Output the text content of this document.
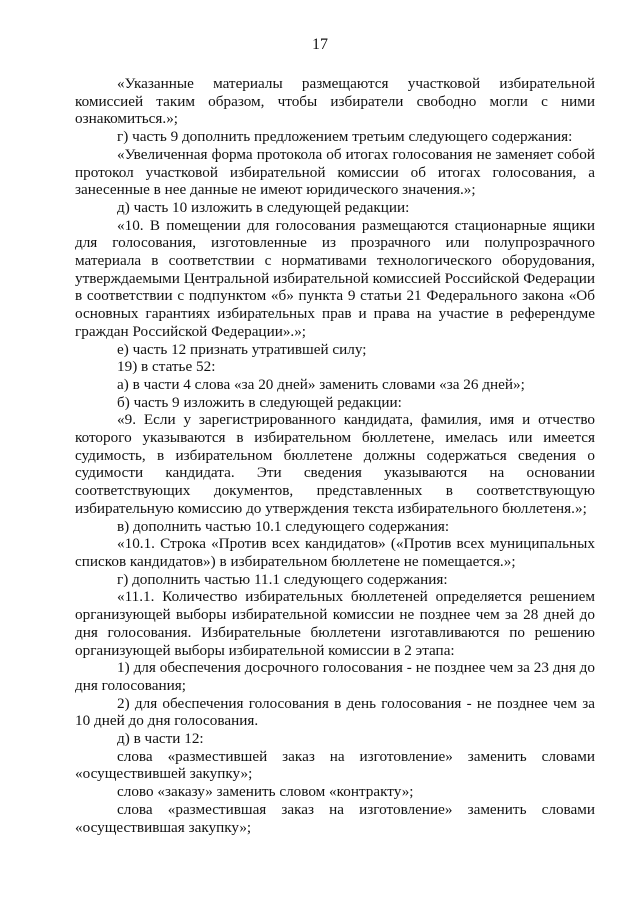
17

«Указанные материалы размещаются участковой избирательной комиссией таким образом, чтобы избиратели свободно могли с ними ознакомиться.»;

г) часть 9 дополнить предложением третьим следующего содержания:

«Увеличенная форма протокола об итогах голосования не заменяет собой протокол участковой избирательной комиссии об итогах голосования, а занесенные в нее данные не имеют юридического значения.»;

д) часть 10 изложить в следующей редакции:

«10. В помещении для голосования размещаются стационарные ящики для голосования, изготовленные из прозрачного или полупрозрачного материала в соответствии с нормативами технологического оборудования, утверждаемыми Центральной избирательной комиссией Российской Федерации в соответствии с подпунктом «б» пункта 9 статьи 21 Федерального закона «Об основных гарантиях избирательных прав и права на участие в референдуме граждан Российской Федерации».»;

е) часть 12 признать утратившей силу;

19) в статье 52:

а) в части 4 слова «за 20 дней» заменить словами «за 26 дней»;

б) часть 9 изложить в следующей редакции:

«9. Если у зарегистрированного кандидата, фамилия, имя и отчество которого указываются в избирательном бюллетене, имелась или имеется судимость, в избирательном бюллетене должны содержаться сведения о судимости кандидата. Эти сведения указываются на основании соответствующих документов, представленных в соответствующую избирательную комиссию до утверждения текста избирательного бюллетеня.»;

в) дополнить частью 10.1 следующего содержания:

«10.1. Строка «Против всех кандидатов» («Против всех муниципальных списков кандидатов») в избирательном бюллетене не помещается.»;

г) дополнить частью 11.1 следующего содержания:

«11.1. Количество избирательных бюллетеней определяется решением организующей выборы избирательной комиссии не позднее чем за 28 дней до дня голосования. Избирательные бюллетени изготавливаются по решению организующей выборы избирательной комиссии в 2 этапа:

1) для обеспечения досрочного голосования - не позднее чем за 23 дня до дня голосования;

2) для обеспечения голосования в день голосования - не позднее чем за 10 дней до дня голосования.

д) в части 12:

слова «разместившей заказ на изготовление» заменить словами «осуществившей закупку»;

слово «заказу» заменить словом «контракту»;

слова «разместившая заказ на изготовление» заменить словами «осуществившая закупку»;
